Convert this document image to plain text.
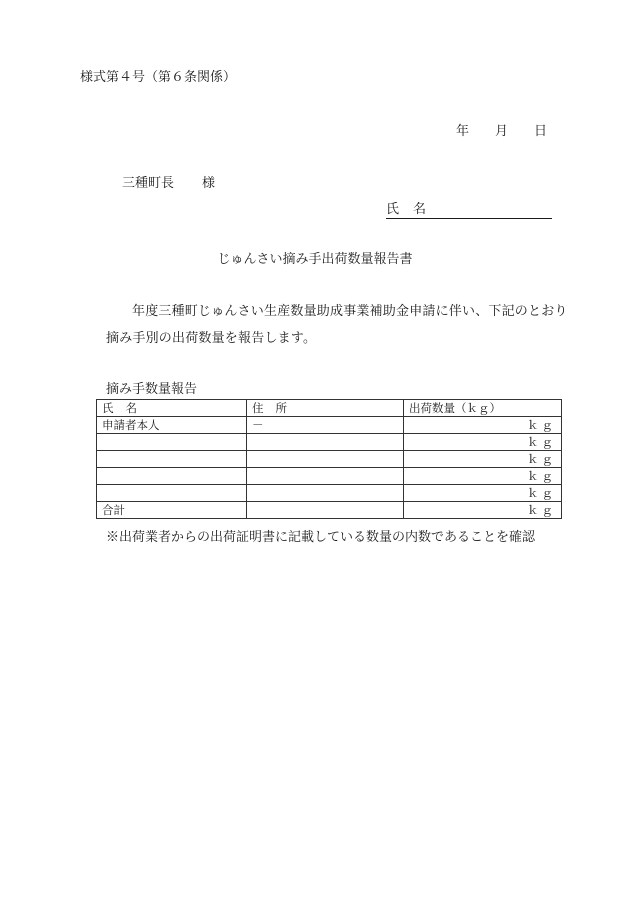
様式第４号（第６条関係）
年 月 日
三種町長 様
氏 名
じゅんさい摘み手出荷数量報告書
年度三種町じゅんさい生産数量助成事業補助金申請に伴い、下記のとおり摘み手別の出荷数量を報告します。
摘み手数量報告
氏 名	住 所	出荷数量（ｋｇ）
申請者本人	－	ｋｇ
		ｋｇ
		ｋｇ
		ｋｇ
		ｋｇ
合計		ｋｇ
※出荷業者からの出荷証明書に記載している数量の内数であることを確認
